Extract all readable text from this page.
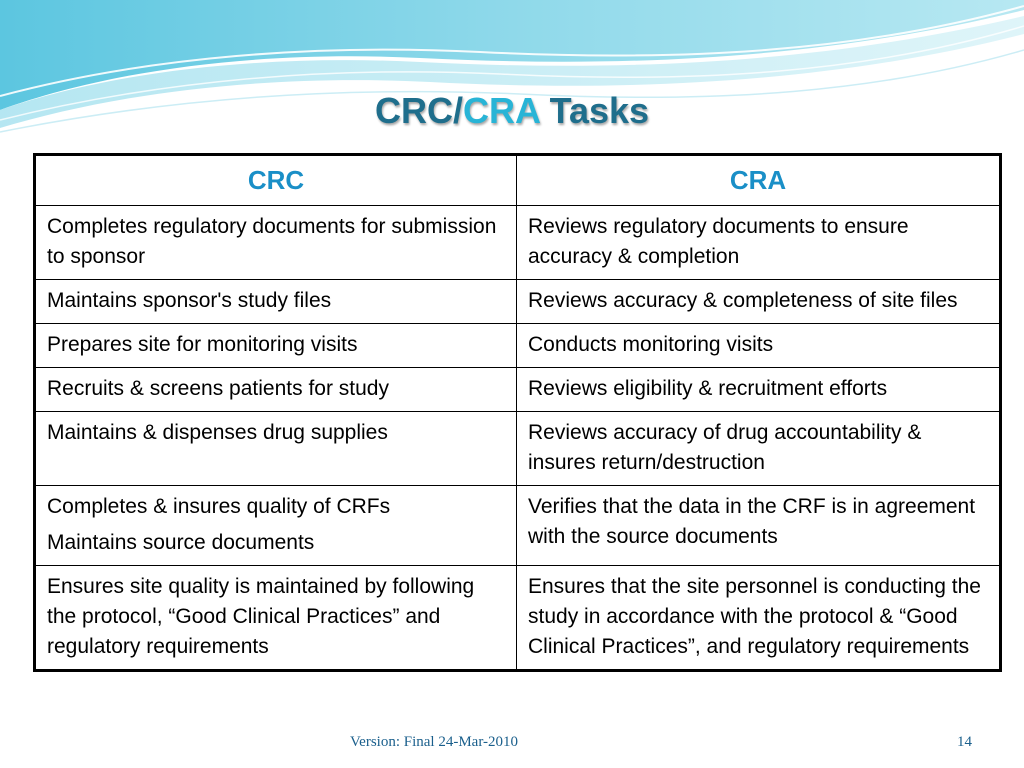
CRC/CRA Tasks
CRC	CRA

Completes regulatory documents for submission to sponsor	Reviews regulatory documents to ensure accuracy & completion

Maintains sponsor's study files	Reviews accuracy & completeness of site files

Prepares site for monitoring visits	Conducts monitoring visits

Recruits & screens patients for study	Reviews eligibility & recruitment efforts

Maintains & dispenses drug supplies	Reviews accuracy of drug accountability & insures return/destruction

Completes & insures quality of CRFs
Maintains source documents	Verifies that the data in the CRF is in agreement with the source documents

Ensures site quality is maintained by following the protocol, “Good Clinical Practices” and regulatory requirements	Ensures that the site personnel is conducting the study in accordance with the protocol & “Good Clinical Practices”, and regulatory requirements
Version: Final 24-Mar-2010	14
